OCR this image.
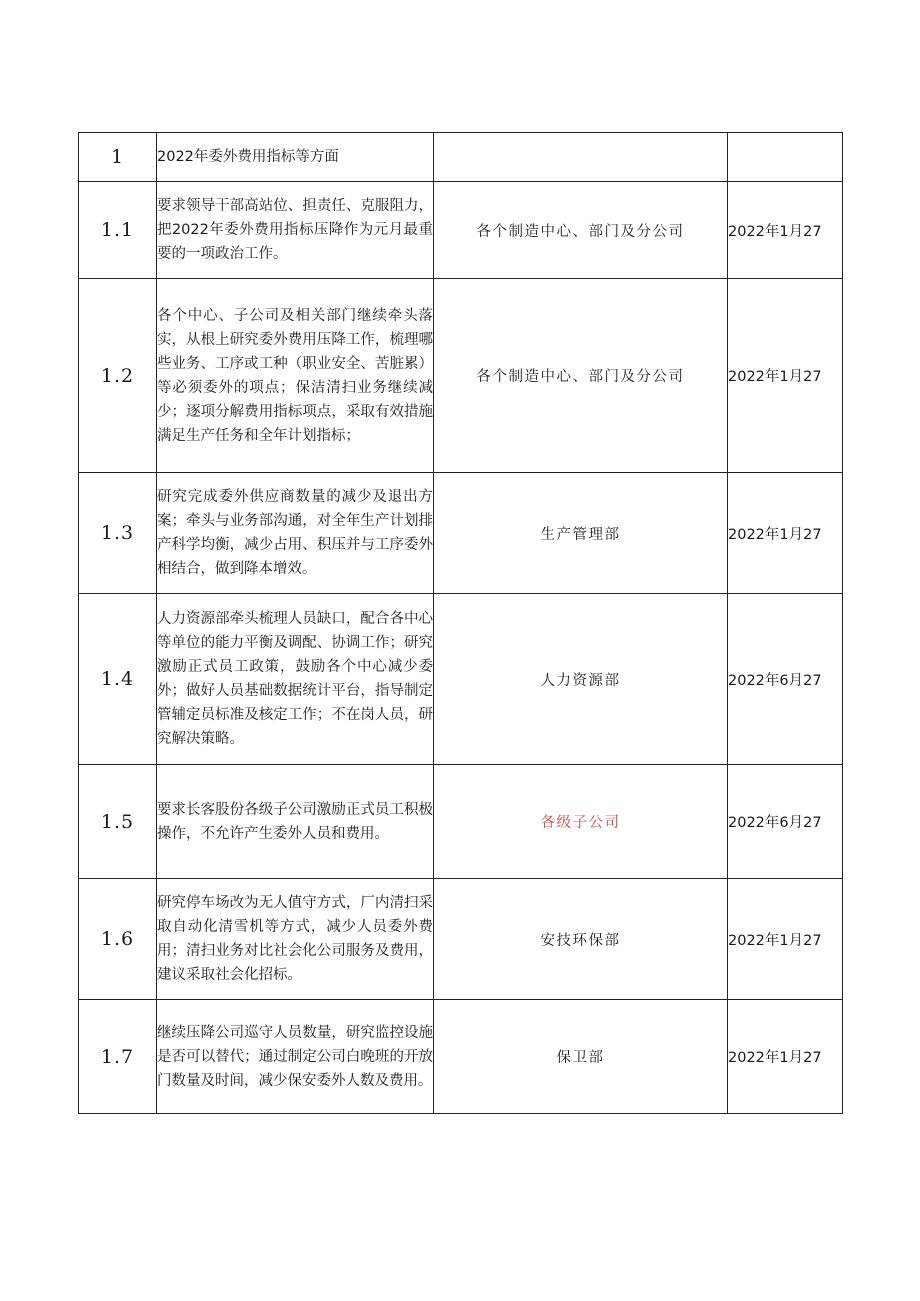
1	2022年委外费用指标等方面		
1.1	要求领导干部高站位、担责任、克服阻力，把2022年委外费用指标压降作为元月最重要的一项政治工作。	各个制造中心、部门及分公司	2022年1月27
1.2	各个中心、子公司及相关部门继续牵头落实，从根上研究委外费用压降工作，梳理哪些业务、工序或工种（职业安全、苦脏累）等必须委外的项点；保洁清扫业务继续减少；逐项分解费用指标项点，采取有效措施满足生产任务和全年计划指标；	各个制造中心、部门及分公司	2022年1月27
1.3	研究完成委外供应商数量的减少及退出方案；牵头与业务部沟通，对全年生产计划排产科学均衡，减少占用、积压并与工序委外相结合，做到降本增效。	生产管理部	2022年1月27
1.4	人力资源部牵头梳理人员缺口，配合各中心等单位的能力平衡及调配、协调工作；研究激励正式员工政策，鼓励各个中心减少委外；做好人员基础数据统计平台，指导制定管辅定员标准及核定工作；不在岗人员，研究解决策略。	人力资源部	2022年6月27
1.5	要求长客股份各级子公司激励正式员工积极操作，不允许产生委外人员和费用。	各级子公司	2022年6月27
1.6	研究停车场改为无人值守方式，厂内清扫采取自动化清雪机等方式，减少人员委外费用；清扫业务对比社会化公司服务及费用，建议采取社会化招标。	安技环保部	2022年1月27
1.7	继续压降公司巡守人员数量，研究监控设施是否可以替代；通过制定公司白晚班的开放门数量及时间，减少保安委外人数及费用。	保卫部	2022年1月27
